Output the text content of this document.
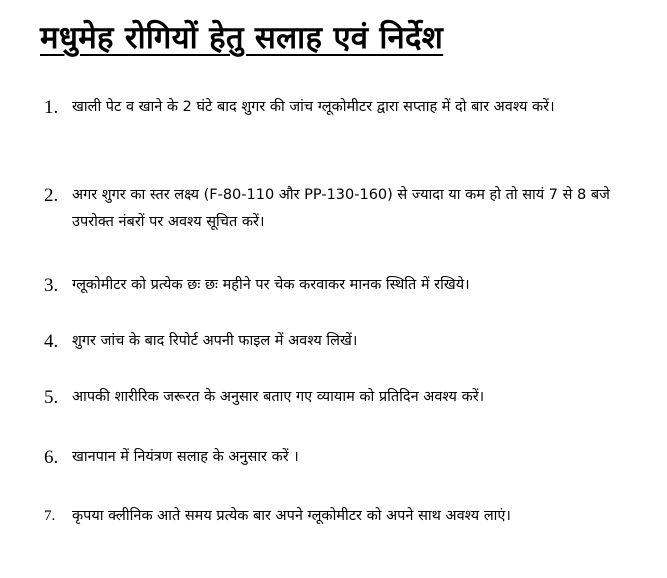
मधुमेह रोगियों हेतु सलाह एवं निर्देश
1. खाली पेट व खाने के 2 घंटे बाद शुगर की जांच ग्लूकोमीटर द्वारा सप्ताह में दो बार अवश्य करें।
2. अगर शुगर का स्तर लक्ष्य (F-80-110 और PP-130-160) से ज्यादा या कम हो तो सायं 7 से 8 बजे उपरोक्त नंबरों पर अवश्य सूचित करें।
3. ग्लूकोमीटर को प्रत्येक छः छः महीने पर चेक करवाकर मानक स्थिति में रखिये।
4. शुगर जांच के बाद रिपोर्ट अपनी फाइल में अवश्य लिखें।
5. आपकी शारीरिक जरूरत के अनुसार बताए गए व्यायाम को प्रतिदिन अवश्य करें।
6. खानपान में नियंत्रण सलाह के अनुसार करें ।
7.	कृपया क्लीनिक आते समय प्रत्येक बार अपने ग्लूकोमीटर को अपने साथ अवश्य लाएं।
